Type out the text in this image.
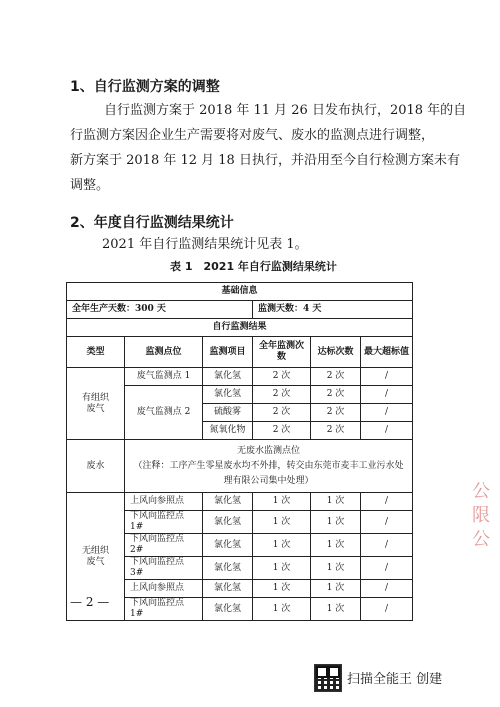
1、自行监测方案的调整
自行监测方案于 2018 年 11 月 26 日发布执行，2018 年的自
行监测方案因企业生产需要将对废气、废水的监测点进行调整，
新方案于 2018 年 12 月 18 日执行，并沿用至今自行检测方案未有
调整。
2、年度自行监测结果统计
2021 年自行监测结果统计见表 1。
表 1　2021 年自行监测结果统计
基础信息					
全年生产天数：300 天			监测天数：4 天		
自行监测结果					
类型	监测点位	监测项目	全年监测次数	达标次数	最大超标值
有组织废气	废气监测点 1	氯化氢	2 次	2 次	/
	废气监测点 2	氯化氢	2 次	2 次	/
		硫酸雾	2 次	2 次	/
		氮氧化物	2 次	2 次	/
废水	无废水监测点位
（注释：工序产生零星废水均不外排，转交由东莞市麦丰工业污水处理有限公司集中处理）				

无组织废气	上风向参照点	氯化氢	1 次	1 次	/
	下风向监控点 1#	氯化氢	1 次	1 次	/
	下风向监控点 2#	氯化氢	1 次	1 次	/
	下风向监控点 3#	氯化氢	1 次	1 次	/
	上风向参照点	氯化氢	1 次	1 次	/
	下风向监控点 1#	氯化氢	1 次	1 次	/
— 2 —
公 限 公
扫描全能王 创建
